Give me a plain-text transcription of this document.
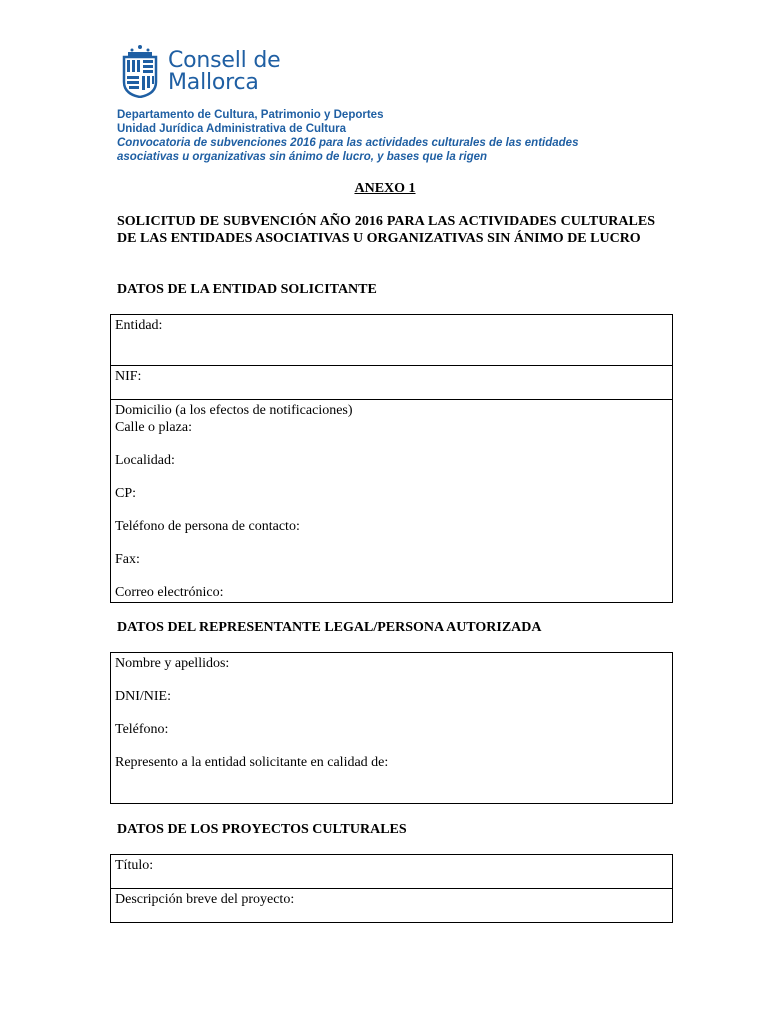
Consell de
Mallorca
Departamento de Cultura, Patrimonio y Deportes
Unidad Jurídica Administrativa de Cultura
Convocatoria de subvenciones 2016 para las actividades culturales de las entidades
asociativas u organizativas sin ánimo de lucro, y bases que la rigen
ANEXO 1
SOLICITUD DE SUBVENCIÓN AÑO 2016 PARA LAS ACTIVIDADES CULTURALES DE LAS ENTIDADES ASOCIATIVAS U ORGANIZATIVAS SIN ÁNIMO DE LUCRO
DATOS DE LA ENTIDAD SOLICITANTE
Entidad:
NIF:
Domicilio (a los efectos de notificaciones)
Calle o plaza:
Localidad:
CP:
Teléfono de persona de contacto:
Fax:
Correo electrónico:
DATOS DEL REPRESENTANTE LEGAL/PERSONA AUTORIZADA
Nombre y apellidos:
DNI/NIE:
Teléfono:
Represento a la entidad solicitante en calidad de:
DATOS DE LOS PROYECTOS CULTURALES
Título:
Descripción breve del proyecto:
